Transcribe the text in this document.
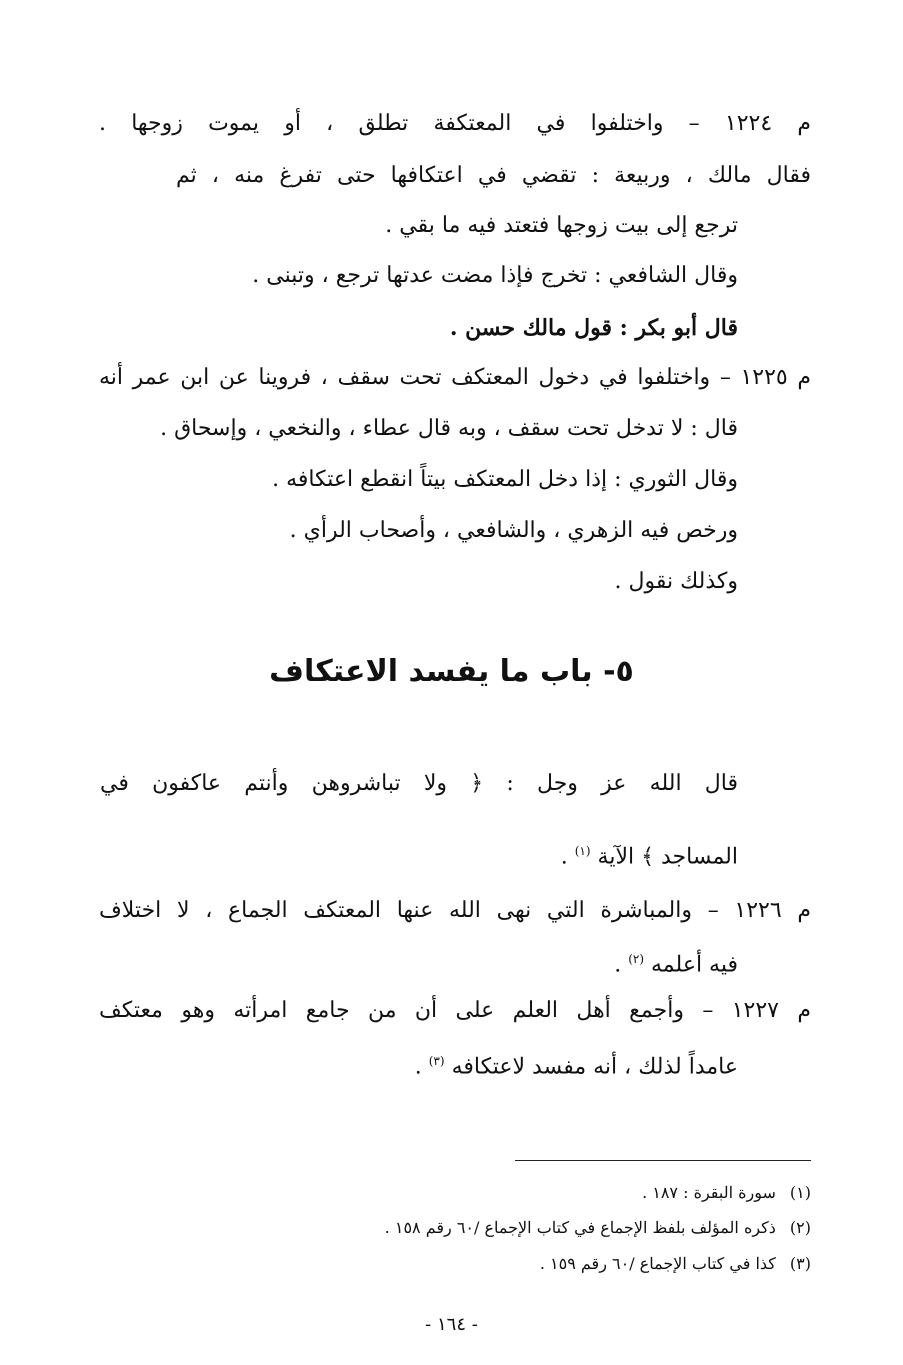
م ١٢٢٤ – واختلفوا في المعتكفة تطلق ، أو يموت زوجها .
فقال مالك ، وربيعة : تقضي في اعتكافها حتى تفرغ منه ، ثم
ترجع إلى بيت زوجها فتعتد فيه ما بقي .
وقال الشافعي : تخرج فإذا مضت عدتها ترجع ، وتبنى .
قال أبو بكر : قول مالك حسن .
م ١٢٢٥ – واختلفوا في دخول المعتكف تحت سقف ، فروينا عن ابن عمر أنه
قال : لا تدخل تحت سقف ، وبه قال عطاء ، والنخعي ، وإسحاق .
وقال الثوري : إذا دخل المعتكف بيتاً انقطع اعتكافه .
ورخص فيه الزهري ، والشافعي ، وأصحاب الرأي .
وكذلك نقول .
٥- باب ما يفسد الاعتكاف
قال الله عز وجل : ﴿ ولا تباشروهن وأنتم عاكفون في
المساجد ﴾ الآية $^{(١)}$ .
م ١٢٢٦ – والمباشرة التي نهى الله عنها المعتكف الجماع ، لا اختلاف
فيه أعلمه $^{(٢)}$ .
م ١٢٢٧ – وأجمع أهل العلم على أن من جامع امرأته وهو معتكف
عامداً لذلك ، أنه مفسد لاعتكافه $^{(٣)}$ .
(١) سورة البقرة : ١٨٧ .
(٢) ذكره المؤلف بلفظ الإجماع في كتاب الإجماع /٦٠ رقم ١٥٨ .
(٣) كذا في كتاب الإجماع /٦٠ رقم ١٥٩ .
- ١٦٤ -
